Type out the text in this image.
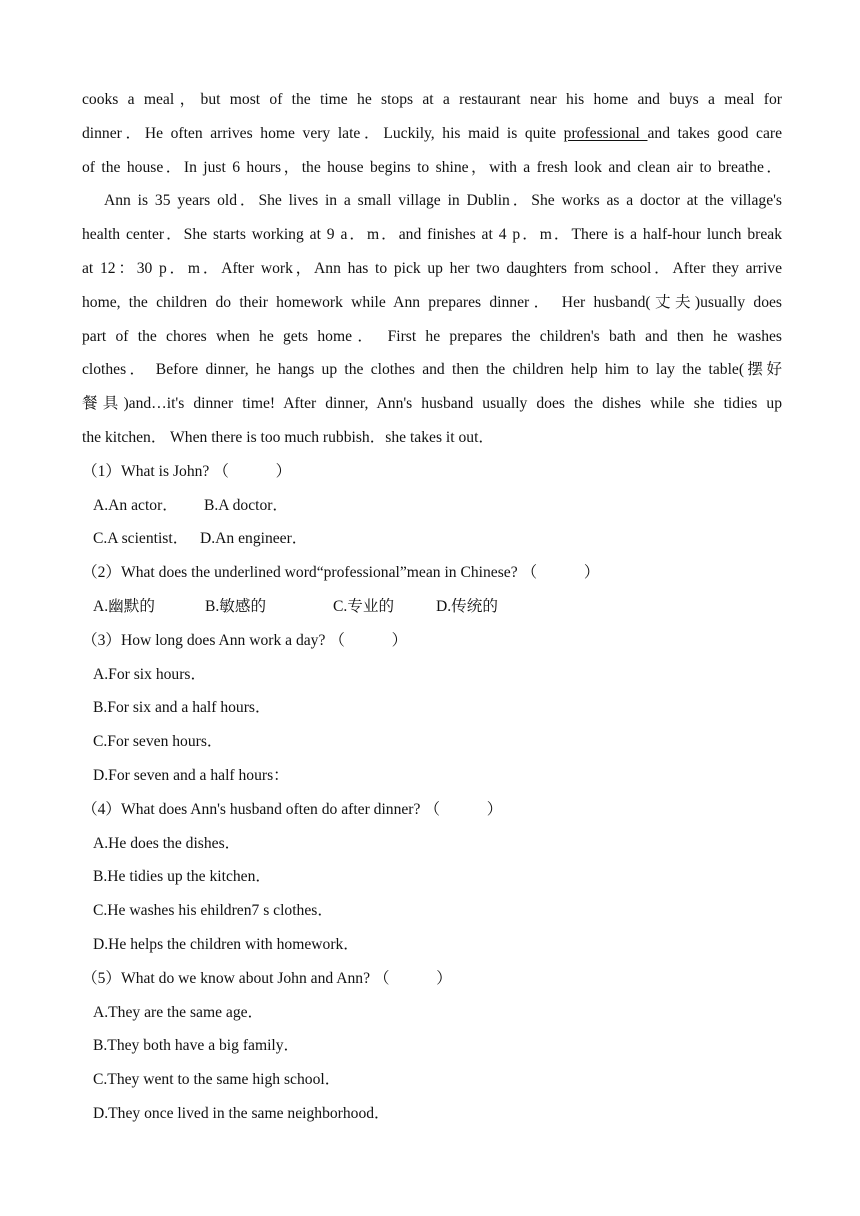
cooks a meal，but most of the time he stops at a restaurant near his home and buys a meal for
dinner．He often arrives home very late．Luckily, his maid is quite professional and takes good care
of the house．In just 6 hours，the house begins to shine，with a fresh look and clean air to breathe．
Ann is 35 years old．She lives in a small village in Dublin．She works as a doctor at the village's
health center．She starts working at 9 a．m．and finishes at 4 p．m．There is a half-hour lunch break
at 12：30 p．m．After work，Ann has to pick up her two daughters from school．After they arrive
home, the children do their homework while Ann prepares dinner． Her husband(丈夫)usually does
part of the chores when he gets home． First he prepares the children's bath and then he washes
clothes． Before dinner, he hangs up the clothes and then the children help him to lay the table(摆好
餐具)and…it's dinner time! After dinner, Ann's husband usually does the dishes while she tidies up
the kitchen． When there is too much rubbish．she takes it out．
（1）What is John? （　　　）
A.An actor． B.A doctor．
C.A scientist． D.An engineer．
（2）What does the underlined word“professional”mean in Chinese? （　　　）
A.幽默的	B.敏感的	C.专业的	D.传统的
（3）How long does Ann work a day? （　　　）
A.For six hours．
B.For six and a half hours．
C.For seven hours．
D.For seven and a half hours：
（4）What does Ann's husband often do after dinner? （　　　）
A.He does the dishes．
B.He tidies up the kitchen．
C.He washes his ehildren7 s clothes．
D.He helps the children with homework．
（5）What do we know about John and Ann? （　　　）
A.They are the same age．
B.They both have a big family．
C.They went to the same high school．
D.They once lived in the same neighborhood．
